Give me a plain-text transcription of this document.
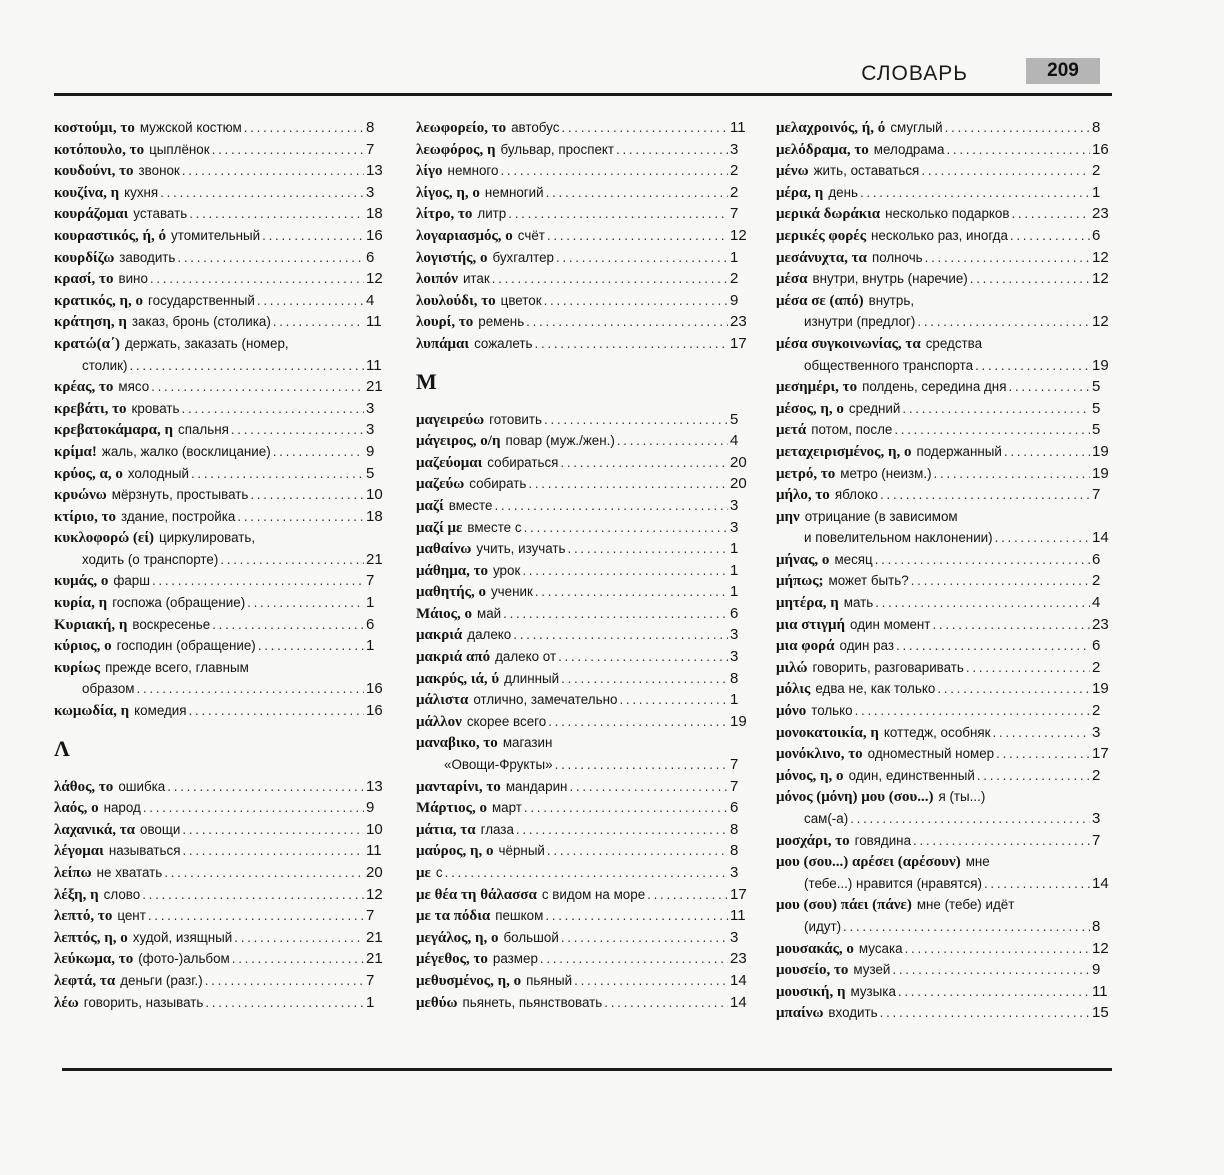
СЛОВАРЬ	209
κοστούμι, το мужской костюм . . .	8
κοτόπουλο, το цыплёнок . . .	7
κουδούνι, το звонок . . .	13
κουζίνα, η кухня . . .	3
κουράζομαι уставать . . .	18
κουραστικός, ή, ό утомительный . . .	16
κουρδίζω заводить . . .	6
κρασί, το вино . . .	12
κρατικός, η, ο государственный . . .	4
κράτηση, η заказ, бронь (столика) . . .	11
κρατώ(α΄) держать, заказать (номер,
столик) . . .	11
κρέας, το мясо . . .	21
κρεβάτι, το кровать . . .	3
κρεβατοκάμαρα, η спальня . . .	3
κρίμα! жаль, жалко (восклицание) . . .	9
κρύος, α, ο холодный . . .	5
κρυώνω мёрзнуть, простывать . . .	10
κτίριο, το здание, постройка . . .	18
κυκλοφορώ (εί) циркулировать,
ходить (о транспорте) . . .	21
κυμάς, ο фарш . . .	7
κυρία, η госпожа (обращение) . . .	1
Κυριακή, η воскресенье . . .	6
κύριος, ο господин (обращение) . . .	1
κυρίως прежде всего, главным
образом . . .	16
κωμωδία, η комедия . . .	16
Λ
λάθος, το ошибка . . .	13
λαός, ο народ . . .	9
λαχανικά, τα овощи . . .	10
λέγομαι называться . . .	11
λείπω не хватать . . .	20
λέξη, η слово . . .	12
λεπτό, το цент . . .	7
λεπτός, η, ο худой, изящный . . .	21
λεύκωμα, το (фото-)альбом . . .	21
λεφτά, τα деньги (разг.) . . .	7
λέω говорить, называть . . .	1
λεωφορείο, το автобус . . .	11
λεωφόρος, η бульвар, проспект . . .	3
λίγο немного . . .	2
λίγος, η, ο немногий . . .	2
λίτρο, το литр . . .	7
λογαριασμός, ο счёт . . .	12
λογιστής, ο бухгалтер . . .	1
λοιπόν итак . . .	2
λουλούδι, το цветок . . .	9
λουρί, το ремень . . .	23
λυπάμαι сожалеть . . .	17
Μ
μαγειρεύω готовить . . .	5
μάγειρος, ο/η повар (муж./жен.) . . .	4
μαζεύομαι собираться . . .	20
μαζεύω собирать . . .	20
μαζί вместе . . .	3
μαζί με вместе с . . .	3
μαθαίνω учить, изучать . . .	1
μάθημα, το урок . . .	1
μαθητής, ο ученик . . .	1
Μάιος, ο май . . .	6
μακριά далеко . . .	3
μακριά από далеко от . . .	3
μακρύς, ιά, ύ длинный . . .	8
μάλιστα отлично, замечательно . . .	1
μάλλον скорее всего . . .	19
μαναβικο, το магазин
«Овощи-Фрукты» . . .	7
μανταρίνι, το мандарин . . .	7
Μάρτιος, ο март . . .	6
μάτια, τα глаза . . .	8
μαύρος, η, ο чёрный . . .	8
με с . . .	3
με θέα τη θάλασσα с видом на море . . .	17
με τα πόδια пешком . . .	11
μεγάλος, η, ο большой . . .	3
μέγεθος, το размер . . .	23
μεθυσμένος, η, ο пьяный . . .	14
μεθύω пьянеть, пьянствовать . . .	14
μελαχροινός, ή, ό смуглый . . .	8
μελόδραμα, το мелодрама . . .	16
μένω жить, оставаться . . .	2
μέρα, η день . . .	1
μερικά δωράκια несколько подарков . . .	23
μερικές φορές несколько раз, иногда . . .	6
μεσάνυχτα, τα полночь . . .	12
μέσα внутри, внутрь (наречие) . . .	12
μέσα σε (από) внутрь,
изнутри (предлог) . . .	12
μέσα συγκοινωνίας, τα средства
общественного транспорта . . .	19
μεσημέρι, το полдень, середина дня . . .	5
μέσος, η, ο средний . . .	5
μετά потом, после . . .	5
μεταχειρισμένος, η, ο подержанный . . .	19
μετρό, το метро (неизм.) . . .	19
μήλο, το яблоко . . .	7
μην отрицание (в зависимом
и повелительном наклонении) . . .	14
μήνας, ο месяц . . .	6
μήπως; может быть? . . .	2
μητέρα, η мать . . .	4
μια στιγμή один момент . . .	23
μια φορά один раз . . .	6
μιλώ говорить, разговаривать . . .	2
μόλις едва не, как только . . .	19
μόνο только . . .	2
μονοκατοικία, η коттедж, особняк . . .	3
μονόκλινο, το одноместный номер . . .	17
μόνος, η, ο один, единственный . . .	2
μόνος (μόνη) μου (σου...) я (ты...)
сам(-а) . . .	3
μοσχάρι, το говядина . . .	7
μου (σου...) αρέσει (αρέσουν) мне
(тебе...) нравится (нравятся) . . .	14
μου (σου) πάει (πάνε) мне (тебе) идёт
(идут) . . .	8
μουσακάς, ο мусака . . .	12
μουσείο, το музей . . .	9
μουσική, η музыка . . .	11
μπαίνω входить . . .	15
